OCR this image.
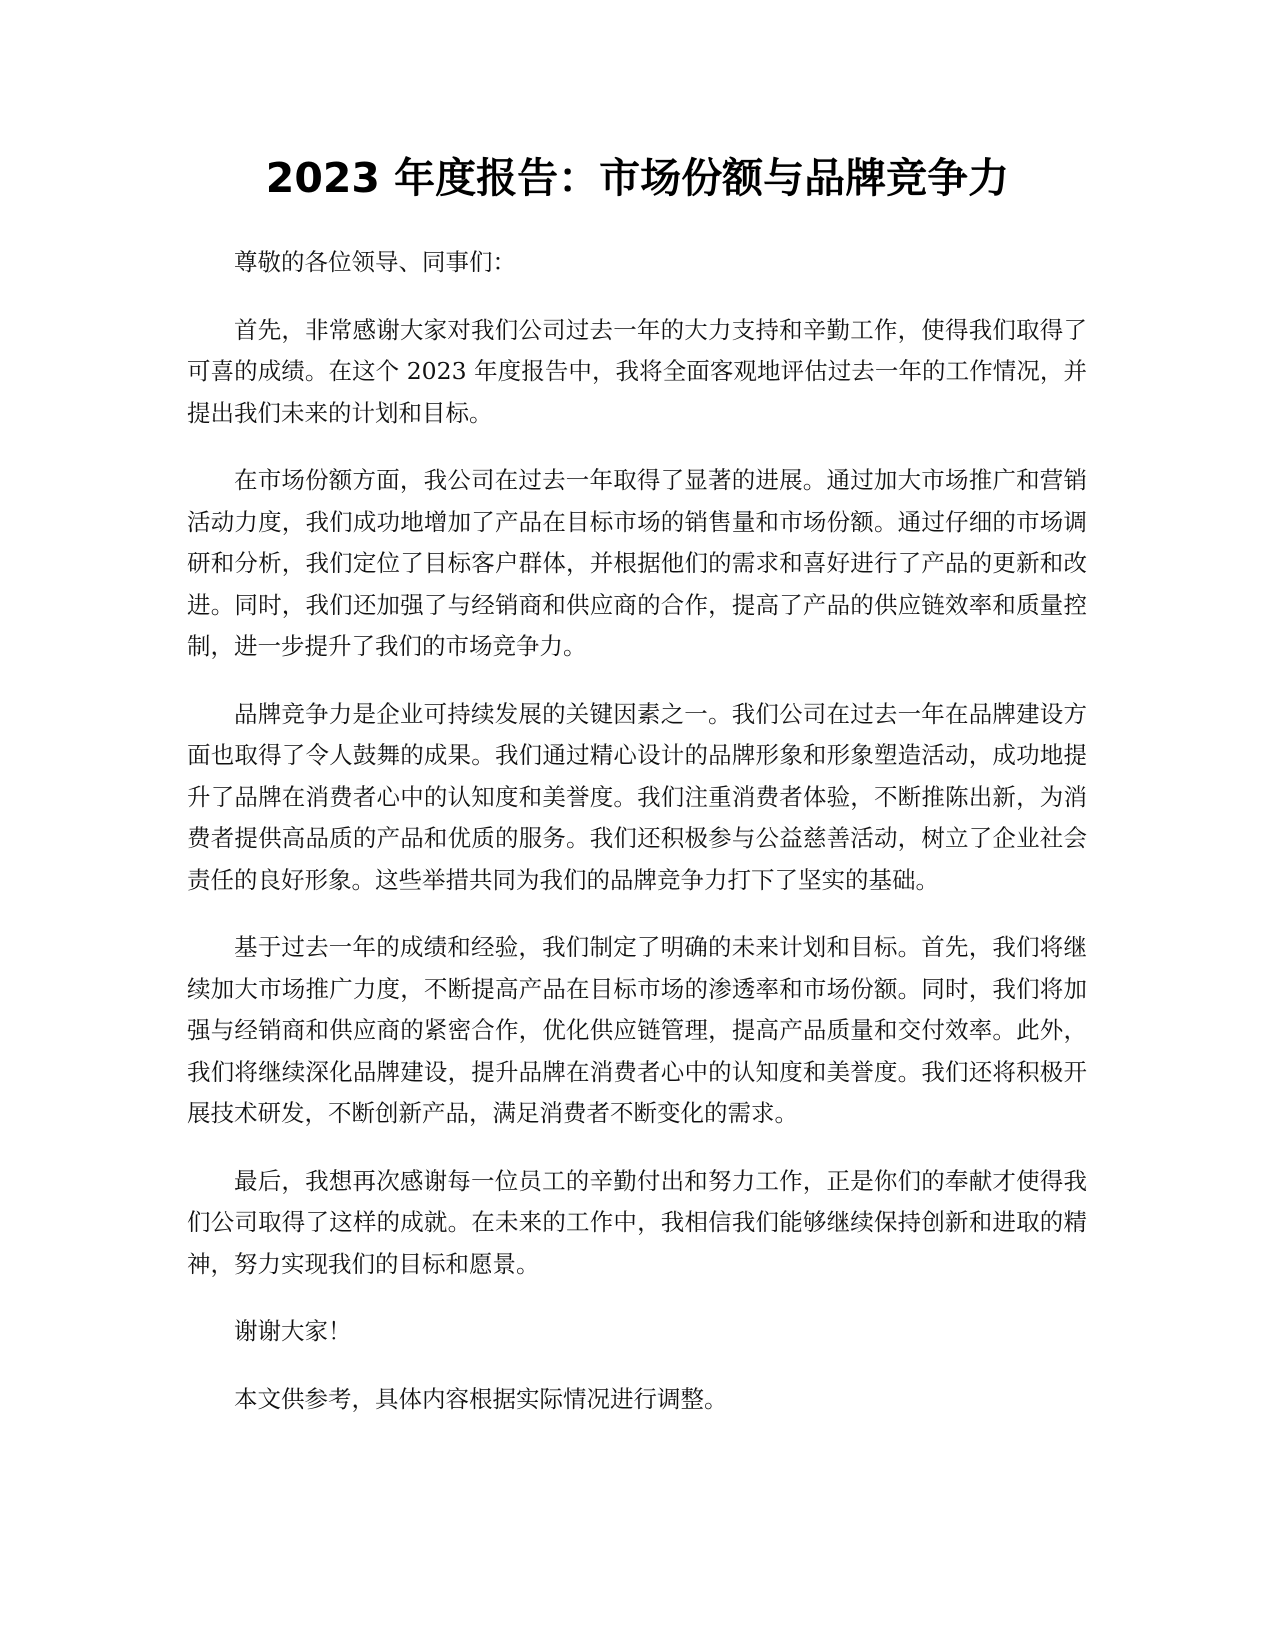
2023 年度报告：市场份额与品牌竞争力

尊敬的各位领导、同事们：

首先，非常感谢大家对我们公司过去一年的大力支持和辛勤工作，使得我们取得了可喜的成绩。在这个 2023 年度报告中，我将全面客观地评估过去一年的工作情况，并提出我们未来的计划和目标。

在市场份额方面，我公司在过去一年取得了显著的进展。通过加大市场推广和营销活动力度，我们成功地增加了产品在目标市场的销售量和市场份额。通过仔细的市场调研和分析，我们定位了目标客户群体，并根据他们的需求和喜好进行了产品的更新和改进。同时，我们还加强了与经销商和供应商的合作，提高了产品的供应链效率和质量控制，进一步提升了我们的市场竞争力。

品牌竞争力是企业可持续发展的关键因素之一。我们公司在过去一年在品牌建设方面也取得了令人鼓舞的成果。我们通过精心设计的品牌形象和形象塑造活动，成功地提升了品牌在消费者心中的认知度和美誉度。我们注重消费者体验，不断推陈出新，为消费者提供高品质的产品和优质的服务。我们还积极参与公益慈善活动，树立了企业社会责任的良好形象。这些举措共同为我们的品牌竞争力打下了坚实的基础。

基于过去一年的成绩和经验，我们制定了明确的未来计划和目标。首先，我们将继续加大市场推广力度，不断提高产品在目标市场的渗透率和市场份额。同时，我们将加强与经销商和供应商的紧密合作，优化供应链管理，提高产品质量和交付效率。此外，我们将继续深化品牌建设，提升品牌在消费者心中的认知度和美誉度。我们还将积极开展技术研发，不断创新产品，满足消费者不断变化的需求。

最后，我想再次感谢每一位员工的辛勤付出和努力工作，正是你们的奉献才使得我们公司取得了这样的成就。在未来的工作中，我相信我们能够继续保持创新和进取的精神，努力实现我们的目标和愿景。

谢谢大家！

本文供参考，具体内容根据实际情况进行调整。
